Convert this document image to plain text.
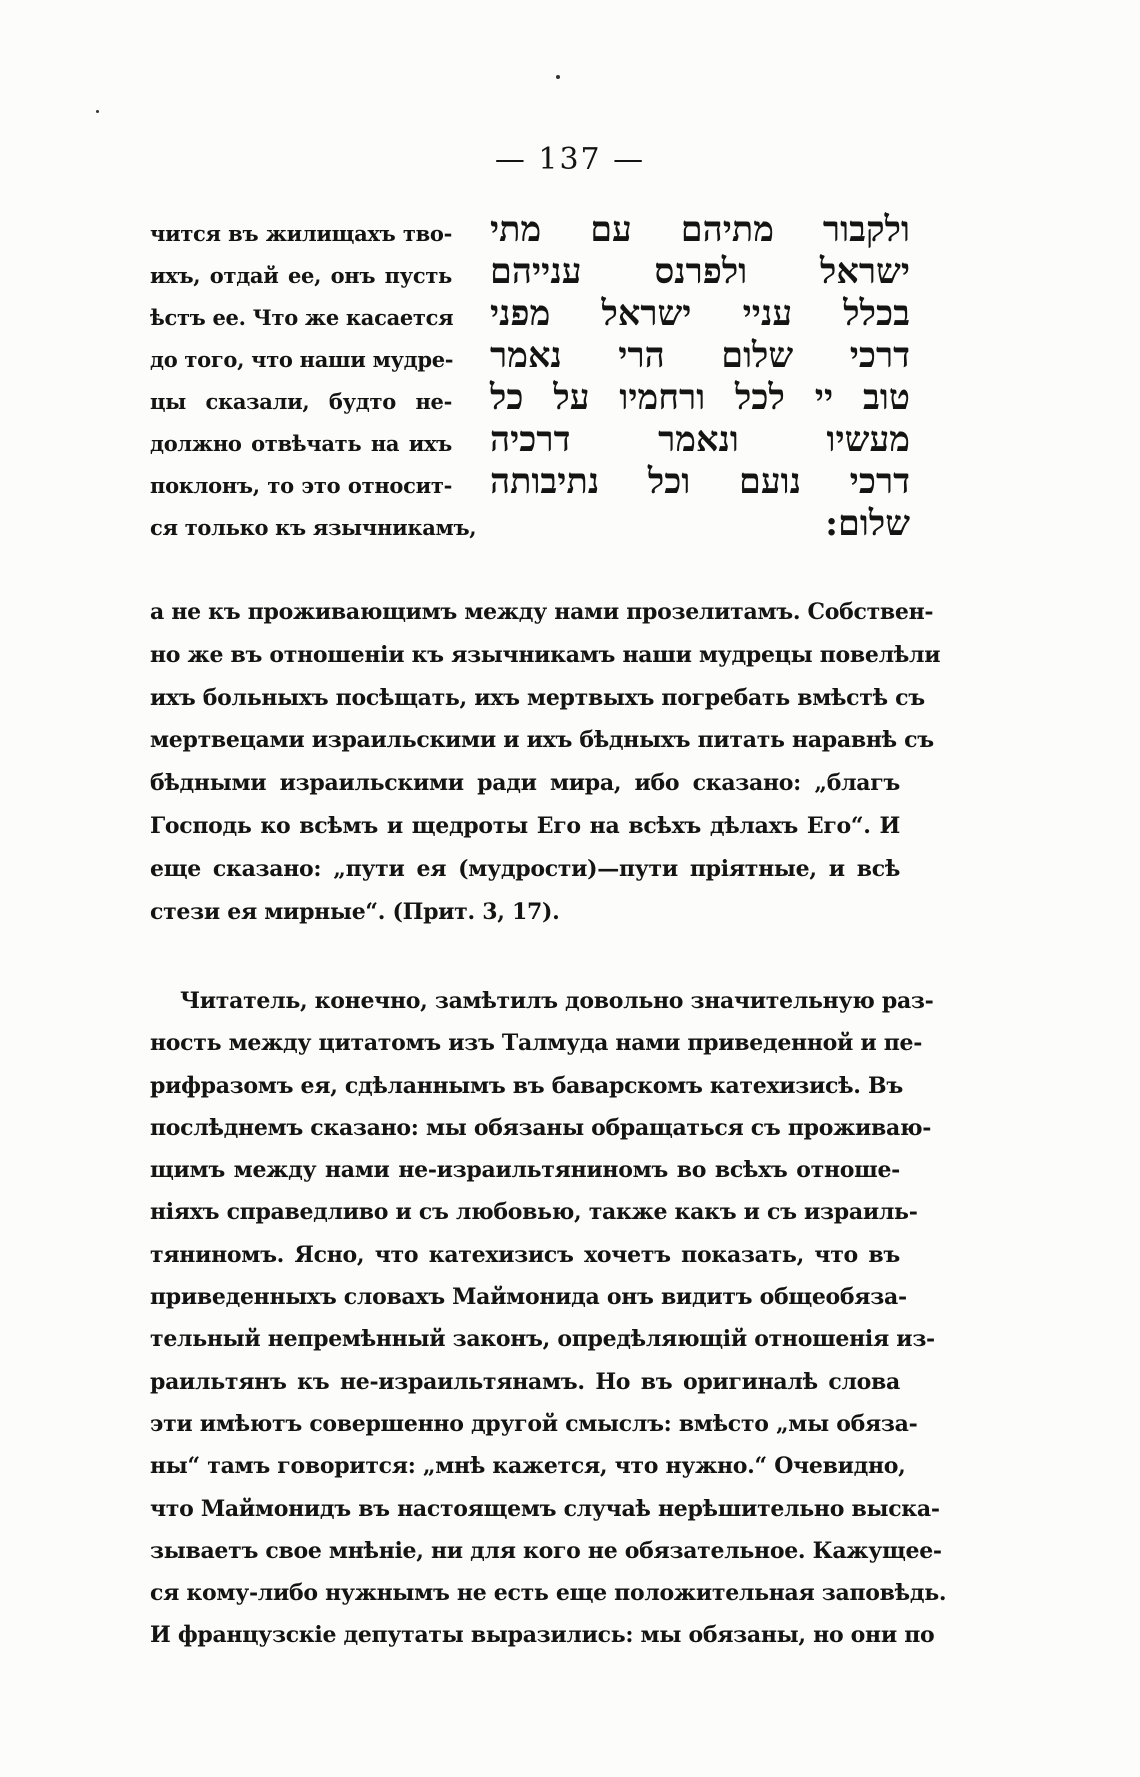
— 137 —
чится въ жилищахъ тво-
ихъ, отдай ее, онъ пусть
ѣстъ ее. Что же касается
до того, что наши мудре-
цы сказали, будто не-
должно отвѣчать на ихъ
поклонъ, то это относит-
ся только къ язычникамъ,
ולקבור מתיהם עם מתי
ישראל ולפרנס ענייהם
בכלל עניי ישראל מפני
דרכי שלום הרי נאמר
טוב יי לכל ורחמיו על כל
מעשיו ונאמר דרכיה
דרכי נועם וכל נתיבותה
שלום:
а не къ проживающимъ между нами прозелитамъ. Собствен-
но же въ отношеніи къ язычникамъ наши мудрецы повелѣли
ихъ больныхъ посѣщать, ихъ мертвыхъ погребать вмѣстѣ съ
мертвецами израильскими и ихъ бѣдныхъ питать наравнѣ съ
бѣдными израильскими ради мира, ибо сказано: „благъ
Господь ко всѣмъ и щедроты Его на всѣхъ дѣлахъ Его“. И
еще сказано: „пути ея (мудрости)—пути пріятные, и всѣ
стези ея мирные“. (Прит. 3, 17).
Читатель, конечно, замѣтилъ довольно значительную раз-
ность между цитатомъ изъ Талмуда нами приведенной и пе-
рифразомъ ея, сдѣланнымъ въ баварскомъ катехизисѣ. Въ
послѣднемъ сказано: мы обязаны обращаться съ проживаю-
щимъ между нами не-израильтяниномъ во всѣхъ отноше-
ніяхъ справедливо и съ любовью, также какъ и съ израиль-
тяниномъ. Ясно, что катехизисъ хочетъ показать, что въ
приведенныхъ словахъ Маймонида онъ видитъ общеобяза-
тельный непремѣнный законъ, опредѣляющій отношенія из-
раильтянъ къ не-израильтянамъ. Но въ оригиналѣ слова
эти имѣютъ совершенно другой смыслъ: вмѣсто „мы обяза-
ны“ тамъ говорится: „мнѣ кажется, что нужно.“ Очевидно,
что Маймонидъ въ настоящемъ случаѣ нерѣшительно выска-
зываетъ свое мнѣніе, ни для кого не обязательное. Кажущее-
ся кому-либо нужнымъ не есть еще положительная заповѣдь.
И французскіе депутаты выразились: мы обязаны, но они по
